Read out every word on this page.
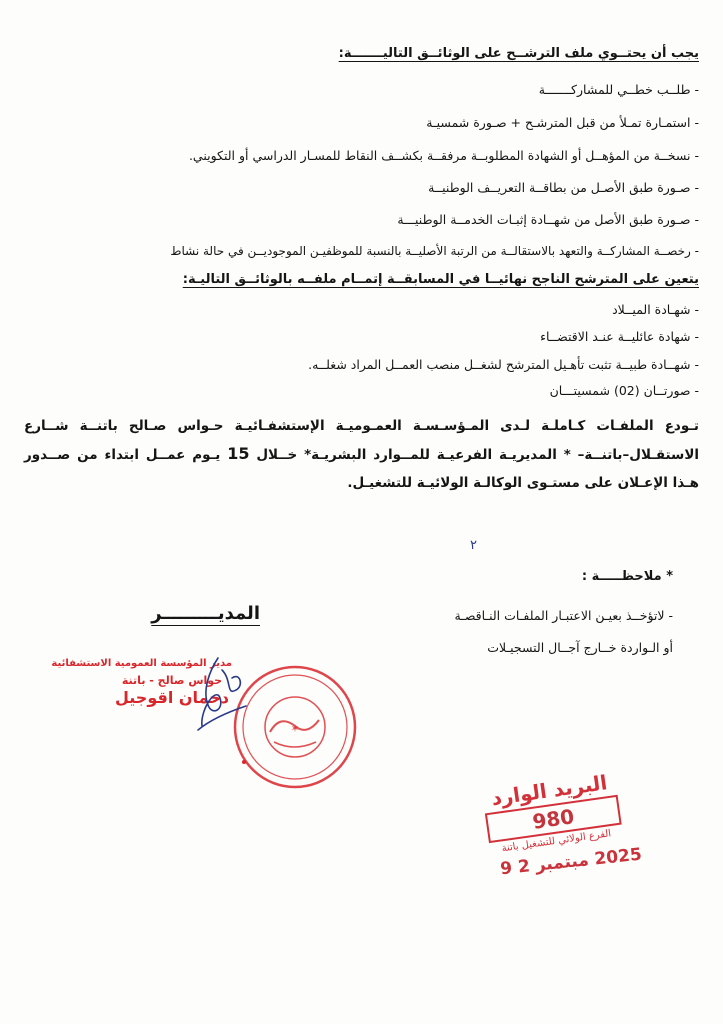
يجب أن يحتــوي ملف الترشــح على الوثائــق التاليـــــــة:
- طلــب خطــي للمشاركـــــــة
- استمـارة تمـلأ من قبل المترشـح + صـورة شمسيـة
- نسخــة من المؤهــل أو الشهادة المطلوبــة مرفقــة بكشــف النقاط للمسـار الدراسي أو التكويني.
- صـورة طبق الأصـل من بطاقــة التعريــف الوطنيــة
- صـورة طبق الأصل من شهــادة إثبـات الخدمــة الوطنيـــة
- رخصــة المشاركــة والتعهد بالاستقالــة من الرتبة الأصليــة بالنسبة للموظفيـن الموجوديــن في حالة نشاط
يتعين على المترشح الناجح نهائيــا في المسابقــة إتمــام ملفــه بالوثائــق التاليـة:
- شهـادة الميــلاد
- شهادة عائليــة عنـد الاقتضــاء
- شهــادة طبيــة تثبت تأهـيل المترشح لشغــل منصب العمــل المراد شغلــه.
- صورتــان (02) شمسيتـــان
تـودع الملفـات كـاملـة لـدى المـؤسـسـة العمـوميـة الإستشفـائيـة حـواس صـالح باتنــة شــارع الاستقـلال–باتنــة– * المديريـة الفرعيـة للمــوارد البشريـة* خــلال 15 يـوم عمــل ابتداء من صــدور هـذا الإعـلان على مستـوى الوكالـة الولائيـة للتشغيـل.
٢
* ملاحظـــــة :
- لاتؤخــذ بعيـن الاعتبـار الملفـات النـاقصـة
أو الـواردة خــارج آجــال التسجيـلات
المديـــــــــر
✶
مدير المؤسسة العمومية الاستشفائية
حواس صالح - باتنة
دحمان اقوجيل
البريد الوارد
980
الفرع الولائي للتشغيل باتنة
2025 مبتمبر 2 9
